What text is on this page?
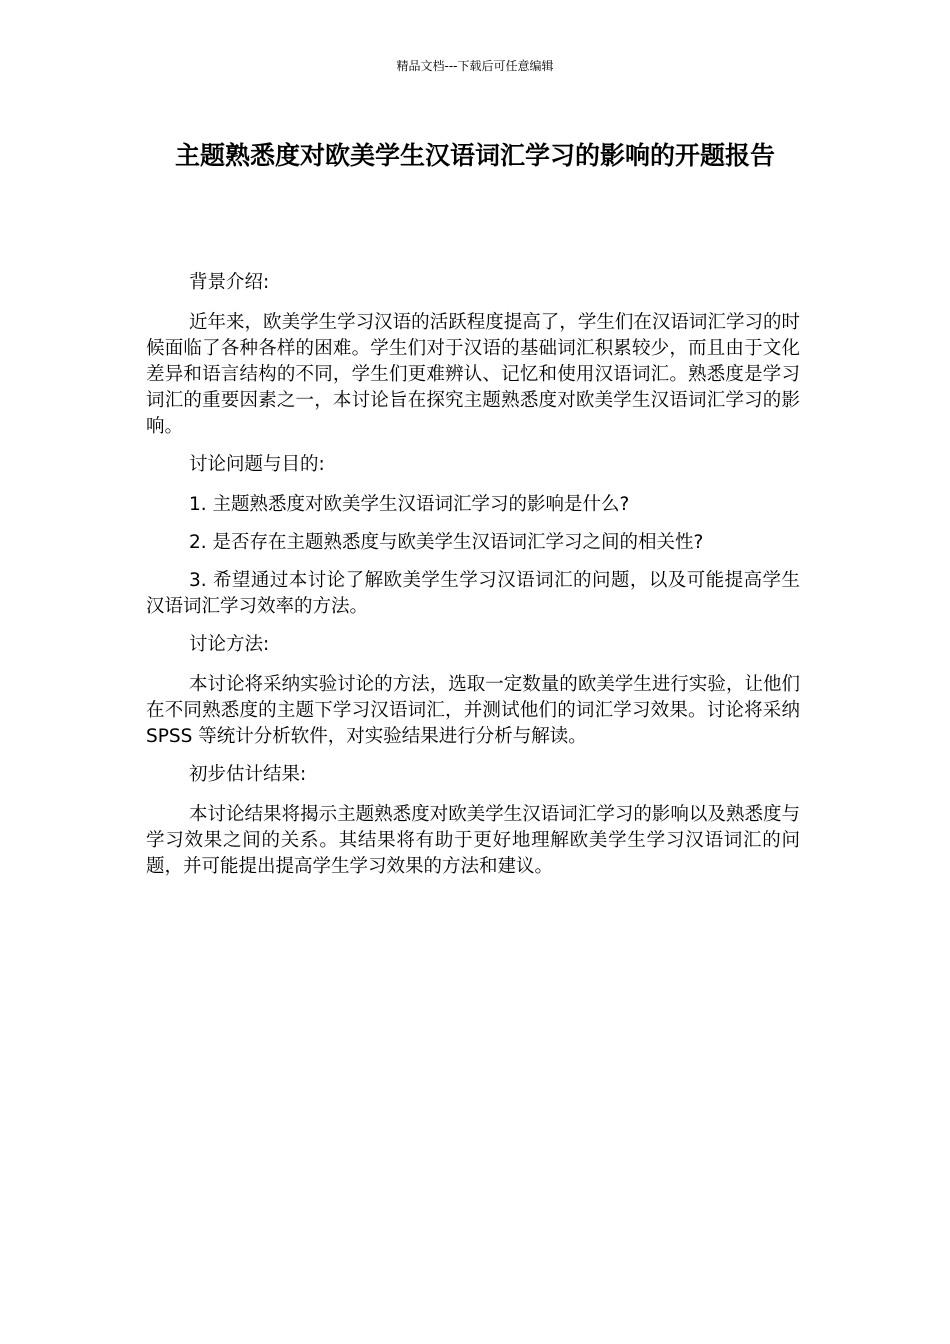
精品文档---下载后可任意编辑
主题熟悉度对欧美学生汉语词汇学习的影响的开题报告

背景介绍:

近年来，欧美学生学习汉语的活跃程度提高了，学生们在汉语词汇学习的时候面临了各种各样的困难。学生们对于汉语的基础词汇积累较少，而且由于文化差异和语言结构的不同，学生们更难辨认、记忆和使用汉语词汇。熟悉度是学习词汇的重要因素之一，本讨论旨在探究主题熟悉度对欧美学生汉语词汇学习的影响。

讨论问题与目的:

1. 主题熟悉度对欧美学生汉语词汇学习的影响是什么?

2. 是否存在主题熟悉度与欧美学生汉语词汇学习之间的相关性?

3. 希望通过本讨论了解欧美学生学习汉语词汇的问题，以及可能提高学生汉语词汇学习效率的方法。

讨论方法:

本讨论将采纳实验讨论的方法，选取一定数量的欧美学生进行实验，让他们在不同熟悉度的主题下学习汉语词汇，并测试他们的词汇学习效果。讨论将采纳 SPSS 等统计分析软件，对实验结果进行分析与解读。

初步估计结果:

本讨论结果将揭示主题熟悉度对欧美学生汉语词汇学习的影响以及熟悉度与学习效果之间的关系。其结果将有助于更好地理解欧美学生学习汉语词汇的问题，并可能提出提高学生学习效果的方法和建议。
